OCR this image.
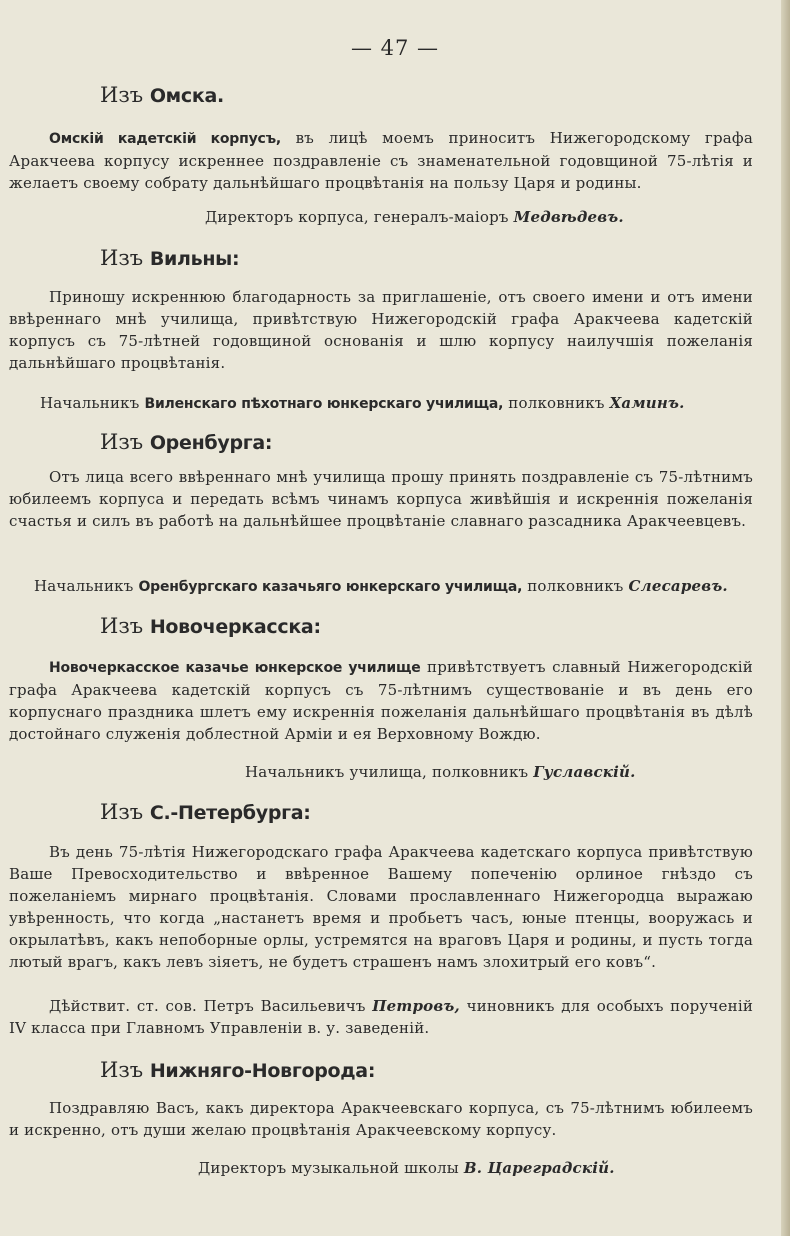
— 47 —
Изъ Омска.
Омскій кадетскій корпусъ, въ лицѣ моемъ приноситъ Нижегородскому графа Аракчеева корпусу искреннее поздравленіе съ знаменательной годовщиной 75-лѣтія и желаетъ своему собрату дальнѣйшаго процвѣтанія на пользу Царя и родины.
Директоръ корпуса, генералъ-маіоръ Медвѣдевъ.
Изъ Вильны:
Приношу искреннюю благодарность за приглашеніе, отъ своего имени и отъ имени ввѣреннаго мнѣ училища, привѣтствую Нижегородскій графа Аракчеева кадетскій корпусъ съ 75-лѣтней годовщиной основанія и шлю корпусу наилучшія пожеланія дальнѣйшаго процвѣтанія.
Начальникъ Виленскаго пѣхотнаго юнкерскаго училища, полковникъ Хаминъ.
Изъ Оренбурга:
Отъ лица всего ввѣреннаго мнѣ училища прошу принять поздравленіе съ 75-лѣтнимъ юбилеемъ корпуса и передать всѣмъ чинамъ корпуса живѣйшія и искреннія пожеланія счастья и силъ въ работѣ на дальнѣйшее процвѣтаніе славнаго разсадника Аракчеевцевъ.
Начальникъ Оренбургскаго казачьяго юнкерскаго училища, полковникъ Слесаревъ.
Изъ Новочеркасска:
Новочеркасское казачье юнкерское училище привѣтствуетъ славный Нижегородскій графа Аракчеева кадетскій корпусъ съ 75-лѣтнимъ существованіе и въ день его корпуснаго праздника шлетъ ему искреннія пожеланія дальнѣйшаго процвѣтанія въ дѣлѣ достойнаго служенія доблестной Арміи и ея Верховному Вождю.
Начальникъ училища, полковникъ Гуславскій.
Изъ С.-Петербурга:
Въ день 75-лѣтія Нижегородскаго графа Аракчеева кадетскаго корпуса привѣтствую Ваше Превосходительство и ввѣренное Вашему попеченію орлиное гнѣздо съ пожеланіемъ мирнаго процвѣтанія. Словами прославленнаго Нижегородца выражаю увѣренность, что когда „настанетъ время и пробьетъ часъ, юные птенцы, вооружась и окрылатѣвъ, какъ непоборные орлы, устремятся на враговъ Царя и родины, и пусть тогда лютый врагъ, какъ левъ зіяетъ, не будетъ страшенъ намъ злохитрый его ковъ“.
Дѣйствит. ст. сов. Петръ Васильевичъ Петровъ, чиновникъ для особыхъ порученій IV класса при Главномъ Управленіи в. у. заведеній.
Изъ Нижняго-Новгорода:
Поздравляю Васъ, какъ директора Аракчеевскаго корпуса, съ 75-лѣтнимъ юбилеемъ и искренно, отъ души желаю процвѣтанія Аракчеевскому корпусу.
Директоръ музыкальной школы В. Цареградскій.
